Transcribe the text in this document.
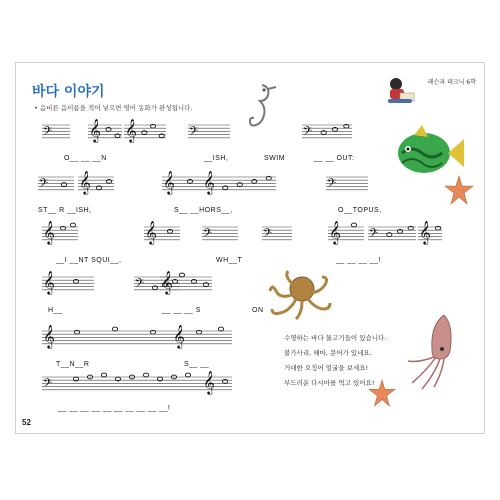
바다 이야기
• 음비른 음이름을 적어 넣으면 영어 동화가 완성됩니다.
레슨과 테크닉 6학
𝄢 𝄞 𝄞	𝄢	𝄢
𝄢 𝄞	𝄞 𝄞	𝄢
𝄞	𝄞	𝄢	𝄢	𝄞 𝄢 𝄞
𝄞	𝄢 𝄞
𝄞	𝄞
𝄢	𝄞
O__ __ __N	__ISH,	SWIM	__ __ OUT:
ST__ R __ISH,	S__ __HORS__,	O__TOPUS,
__I __NT SQUI__,	WH__T	__ __ __ __!
H__	__ __ __ S	ON
T__N__R	S__ __
__ __ __ __ __ __ __ __ __ __!
수영하는 바다 물고기들이 있습니다.
불가사리, 해마, 문어가 있네요.
거대한 오징어 얼굴을 보세요!
부드러운 다시마를 먹고 있어요!
52
